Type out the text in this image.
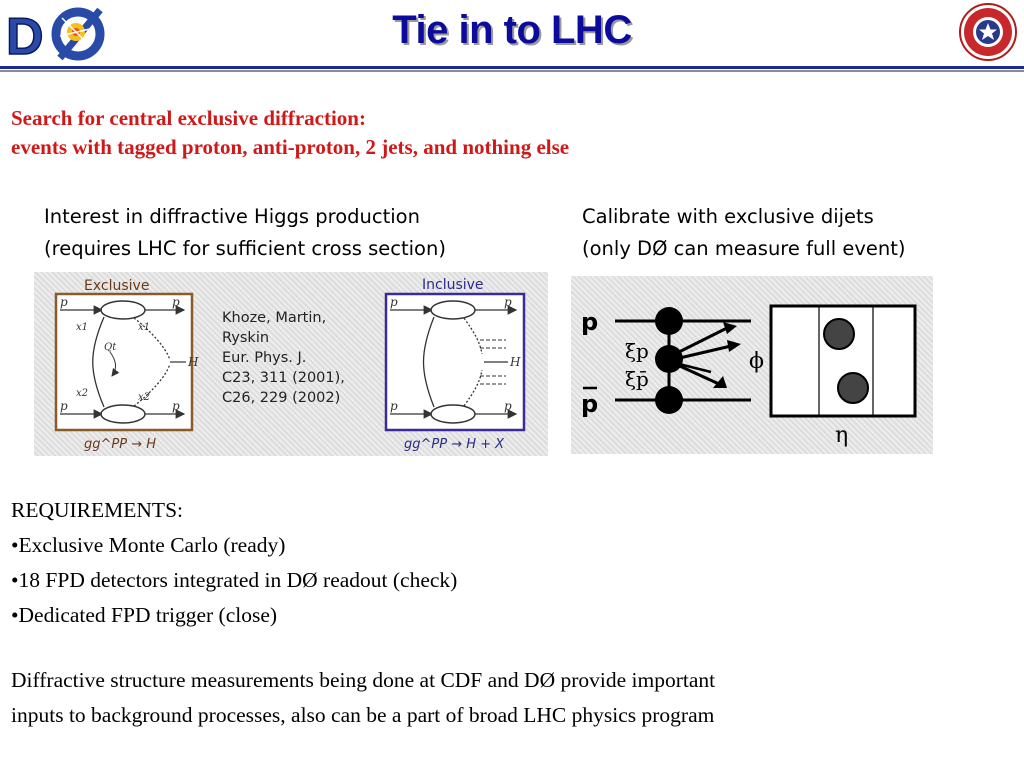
D	Tie in to LHC
Search for central exclusive diffraction:
events with tagged proton, anti-proton, 2 jets, and nothing else
Interest in diffractive Higgs production
(requires LHC for sufficient cross section)
Calibrate with exclusive dijets
(only DØ can measure full event)
Exclusive
p	p
p	p
x1	x1
x2	x2
Qt
H
gg^PP → H
Khoze, Martin,
Ryskin
Eur. Phys. J.
C23, 311 (2001),
C26, 229 (2002)
Inclusive
p	p
p	p
H
gg^PP → H + X
p
p
ξp
ξp̄
ϕ
η
REQUIREMENTS:
•Exclusive Monte Carlo (ready)
•18 FPD detectors integrated in DØ readout (check)
•Dedicated FPD trigger (close)
Diffractive structure measurements being done at CDF and DØ provide important
inputs to background processes, also can be a part of broad LHC physics program
